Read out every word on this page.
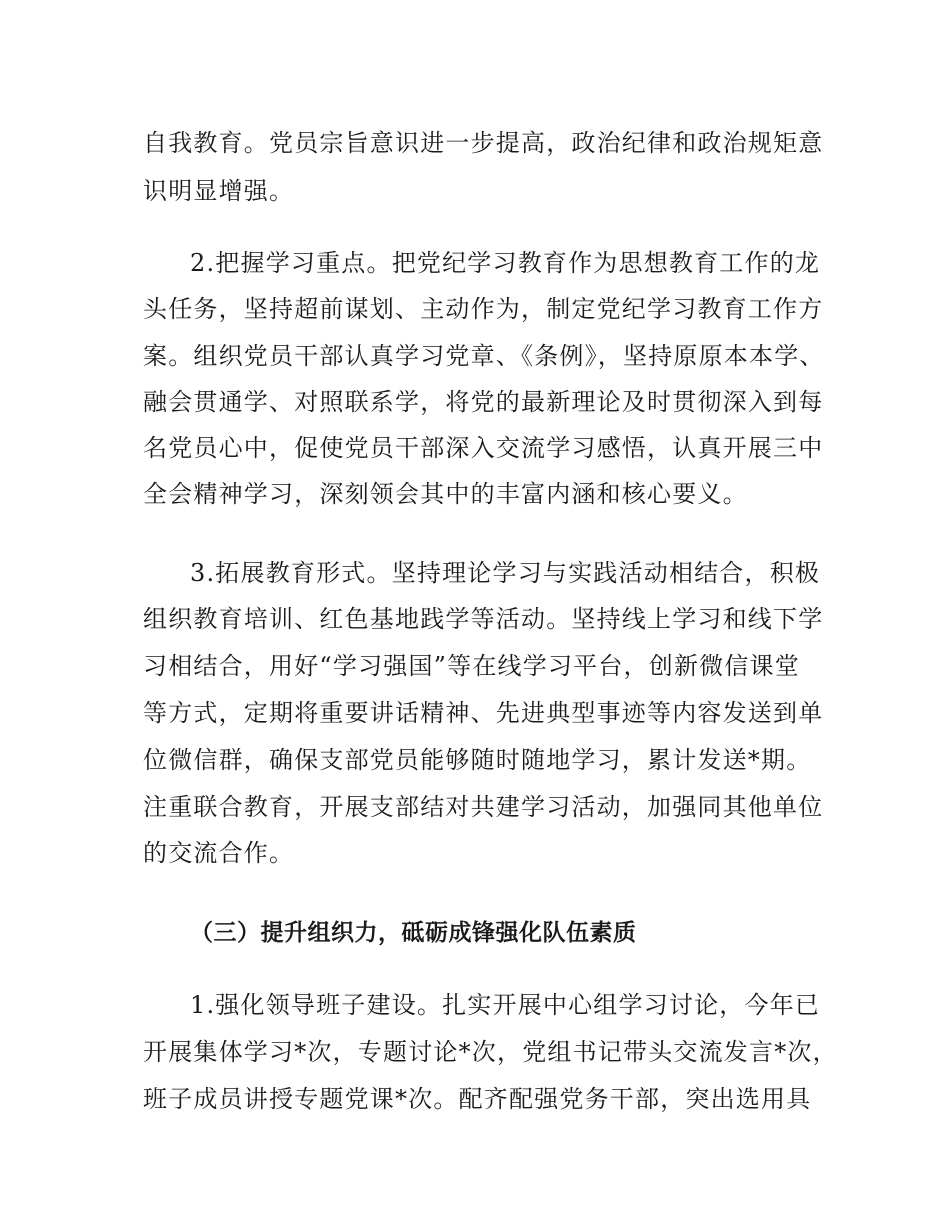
自我教育。党员宗旨意识进一步提高，政治纪律和政治规矩意
识明显增强。
2.把握学习重点。把党纪学习教育作为思想教育工作的龙
头任务，坚持超前谋划、主动作为，制定党纪学习教育工作方
案。组织党员干部认真学习党章、《条例》，坚持原原本本学、
融会贯通学、对照联系学，将党的最新理论及时贯彻深入到每
名党员心中，促使党员干部深入交流学习感悟，认真开展三中
全会精神学习，深刻领会其中的丰富内涵和核心要义。
3.拓展教育形式。坚持理论学习与实践活动相结合，积极
组织教育培训、红色基地践学等活动。坚持线上学习和线下学
习相结合，用好“学习强国”等在线学习平台，创新微信课堂
等方式，定期将重要讲话精神、先进典型事迹等内容发送到单
位微信群，确保支部党员能够随时随地学习，累计发送*期。
注重联合教育，开展支部结对共建学习活动，加强同其他单位
的交流合作。
（三）提升组织力，砥砺成锋强化队伍素质
1.强化领导班子建设。扎实开展中心组学习讨论，今年已
开展集体学习*次，专题讨论*次，党组书记带头交流发言*次，
班子成员讲授专题党课*次。配齐配强党务干部，突出选用具
